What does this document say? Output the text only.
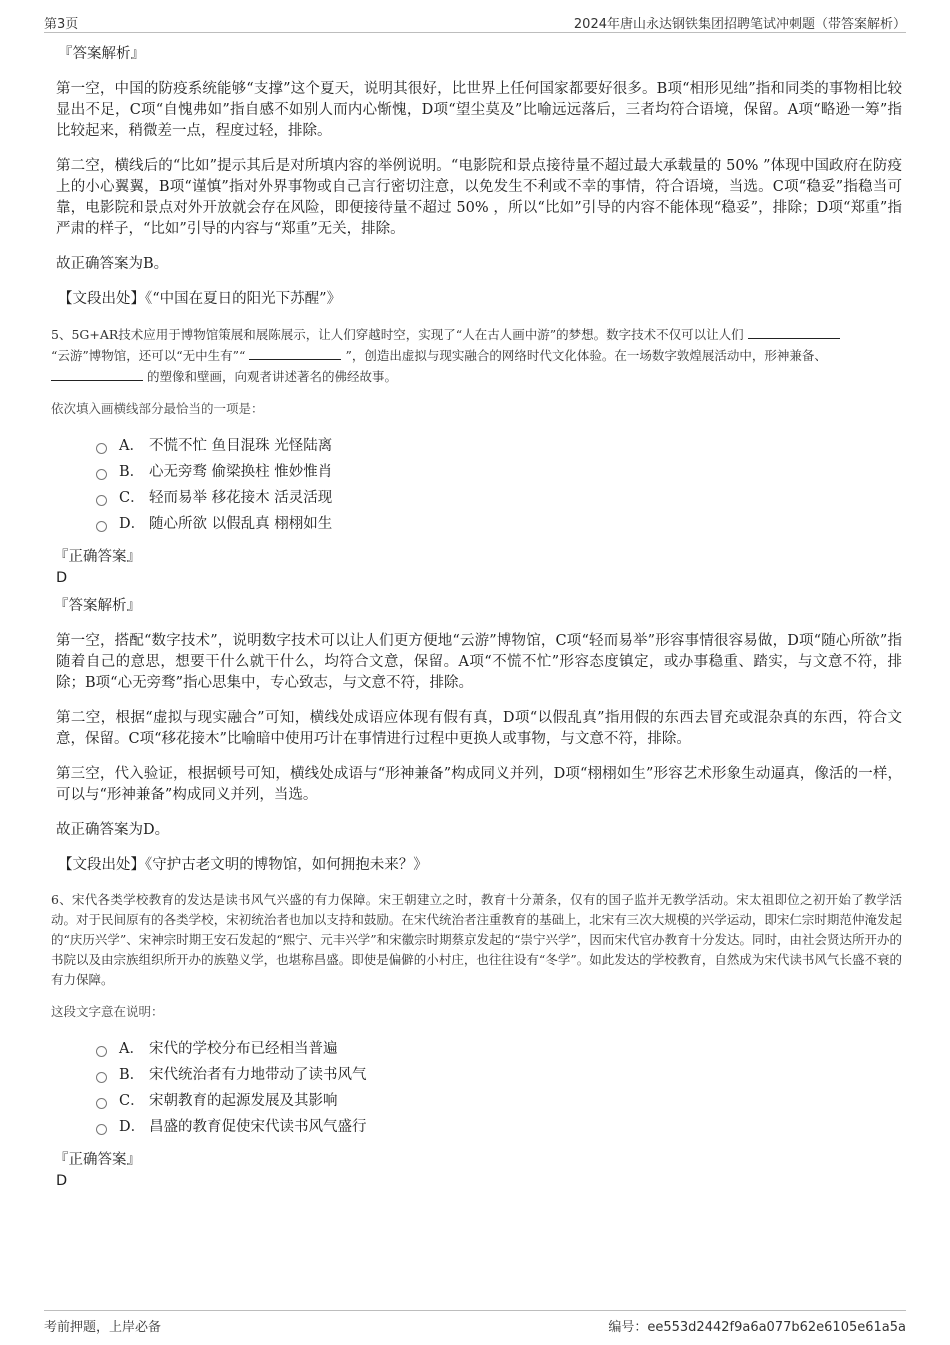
第3页	2024年唐山永达钢铁集团招聘笔试冲刺题（带答案解析）

『答案解析』

第一空，中国的防疫系统能够“支撑”这个夏天，说明其很好，比世界上任何国家都要好很多。B项“相形见绌”指和同类的事物相比较显出不足，C项“自愧弗如”指自感不如别人而内心惭愧，D项“望尘莫及”比喻远远落后，三者均符合语境，保留。A项“略逊一筹”指比较起来，稍微差一点，程度过轻，排除。

第二空，横线后的“比如”提示其后是对所填内容的举例说明。“电影院和景点接待量不超过最大承载量的 50% ”体现中国政府在防疫上的小心翼翼，B项“谨慎”指对外界事物或自己言行密切注意，以免发生不利或不幸的事情，符合语境，当选。C项“稳妥”指稳当可靠，电影院和景点对外开放就会存在风险，即便接待量不超过 50% ，所以“比如”引导的内容不能体现“稳妥”，排除；D项“郑重”指严肃的样子，“比如”引导的内容与“郑重”无关，排除。

故正确答案为B。

【文段出处】《“中国在夏日的阳光下苏醒”》

5、5G+AR技术应用于博物馆策展和展陈展示，让人们穿越时空，实现了“人在古人画中游”的梦想。数字技术不仅可以让人们
“云游”博物馆，还可以“无中生有”“	”，创造出虚拟与现实融合的网络时代文化体验。在一场数字敦煌展活动中，形神兼备、
的塑像和壁画，向观者讲述著名的佛经故事。

依次填入画横线部分最恰当的一项是：

A． 不慌不忙 鱼目混珠 光怪陆离
B． 心无旁骛 偷梁换柱 惟妙惟肖
C． 轻而易举 移花接木 活灵活现
D． 随心所欲 以假乱真 栩栩如生

『正确答案』

D

『答案解析』

第一空，搭配“数字技术”，说明数字技术可以让人们更方便地“云游”博物馆，C项“轻而易举”形容事情很容易做，D项“随心所欲”指随着自己的意思，想要干什么就干什么，均符合文意，保留。A项“不慌不忙”形容态度镇定，或办事稳重、踏实，与文意不符，排除；B项“心无旁骛”指心思集中，专心致志，与文意不符，排除。

第二空，根据“虚拟与现实融合”可知，横线处成语应体现有假有真，D项“以假乱真”指用假的东西去冒充或混杂真的东西，符合文意，保留。C项“移花接木”比喻暗中使用巧计在事情进行过程中更换人或事物，与文意不符，排除。

第三空，代入验证，根据顿号可知，横线处成语与“形神兼备”构成同义并列，D项“栩栩如生”形容艺术形象生动逼真，像活的一样，可以与“形神兼备”构成同义并列，当选。

故正确答案为D。

【文段出处】《守护古老文明的博物馆，如何拥抱未来？》

6、宋代各类学校教育的发达是读书风气兴盛的有力保障。宋王朝建立之时，教育十分萧条，仅有的国子监并无教学活动。宋太祖即位之初开始了教学活动。对于民间原有的各类学校，宋初统治者也加以支持和鼓励。在宋代统治者注重教育的基础上，北宋有三次大规模的兴学运动，即宋仁宗时期范仲淹发起的“庆历兴学”、宋神宗时期王安石发起的“熙宁、元丰兴学”和宋徽宗时期蔡京发起的“崇宁兴学”，因而宋代官办教育十分发达。同时，由社会贤达所开办的书院以及由宗族组织所开办的族塾义学，也堪称昌盛。即使是偏僻的小村庄，也往往设有“冬学”。如此发达的学校教育，自然成为宋代读书风气长盛不衰的有力保障。

这段文字意在说明：

A． 宋代的学校分布已经相当普遍
B． 宋代统治者有力地带动了读书风气
C． 宋朝教育的起源发展及其影响
D． 昌盛的教育促使宋代读书风气盛行

『正确答案』

D

考前押题，上岸必备	编号：ee553d2442f9a6a077b62e6105e61a5a
